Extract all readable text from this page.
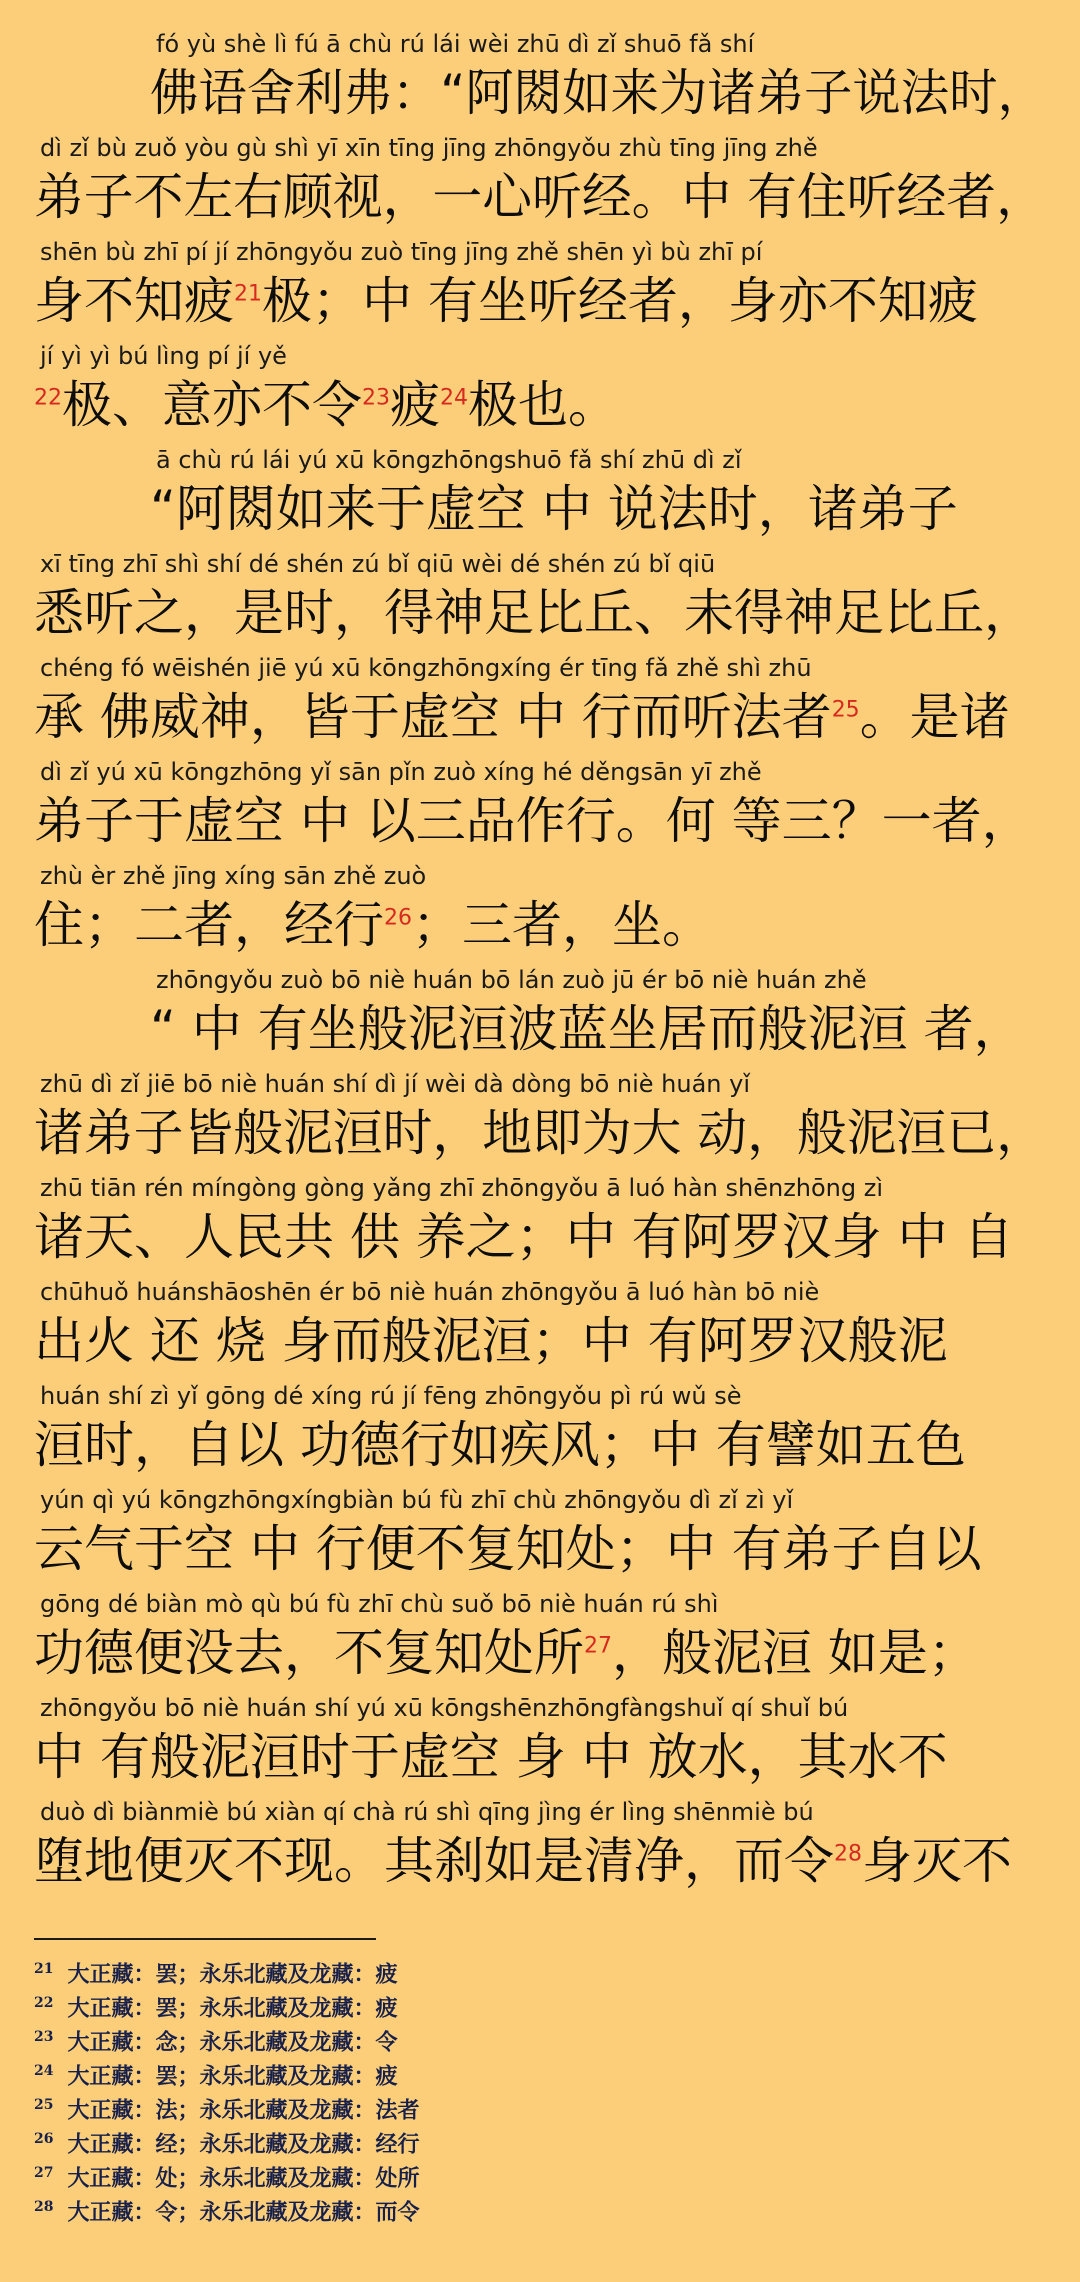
fó yù shè lì fú ā chù rú lái wèi zhū dì zǐ shuō fǎ shí
佛语舍利弗：“阿閦如来为诸弟子说法时，
dì zǐ bù zuǒ yòu gù shì yī xīn tīng jīng zhōngyǒu zhù tīng jīng zhě
弟子不左右顾视，一心听经。中 有住听经者，
shēn bù zhī pí jí zhōngyǒu zuò tīng jīng zhě shēn yì bù zhī pí
身不知疲$^{21}$极；中 有坐听经者，身亦不知疲
jí yì yì bú lìng pí jí yě
$^{22}$极、意亦不令$^{23}$疲$^{24}$极也。
ā chù rú lái yú xū kōngzhōngshuō fǎ shí zhū dì zǐ
“阿閦如来于虚空 中 说法时，诸弟子
xī tīng zhī shì shí dé shén zú bǐ qiū wèi dé shén zú bǐ qiū
悉听之，是时，得神足比丘、未得神足比丘，
chéng fó wēishén jiē yú xū kōngzhōngxíng ér tīng fǎ zhě shì zhū
承 佛威神，皆于虚空 中 行而听法者$^{25}$。是诸
dì zǐ yú xū kōngzhōng yǐ sān pǐn zuò xíng hé děngsān yī zhě
弟子于虚空 中 以三品作行。何 等三？一者，
zhù èr zhě jīng xíng sān zhě zuò
住；二者，经行$^{26}$；三者，坐。
zhōngyǒu zuò bō niè huán bō lán zuò jū ér bō niè huán zhě
“ 中 有坐般泥洹波蓝坐居而般泥洹 者，
zhū dì zǐ jiē bō niè huán shí dì jí wèi dà dòng bō niè huán yǐ
诸弟子皆般泥洹时，地即为大 动，般泥洹已，
zhū tiān rén míngòng gòng yǎng zhī zhōngyǒu ā luó hàn shēnzhōng zì
诸天、人民共 供 养之；中 有阿罗汉身 中 自
chūhuǒ huánshāoshēn ér bō niè huán zhōngyǒu ā luó hàn bō niè
出火 还 烧 身而般泥洹；中 有阿罗汉般泥
huán shí zì yǐ gōng dé xíng rú jí fēng zhōngyǒu pì rú wǔ sè
洹时，自以 功德行如疾风；中 有譬如五色
yún qì yú kōngzhōngxíngbiàn bú fù zhī chù zhōngyǒu dì zǐ zì yǐ
云气于空 中 行便不复知处；中 有弟子自以
gōng dé biàn mò qù bú fù zhī chù suǒ bō niè huán rú shì
功德便没去，不复知处所$^{27}$，般泥洹 如是；
zhōngyǒu bō niè huán shí yú xū kōngshēnzhōngfàngshuǐ qí shuǐ bú
中 有般泥洹时于虚空 身 中 放水，其水不
duò dì biànmiè bú xiàn qí chà rú shì qīng jìng ér lìng shēnmiè bú
堕地便灭不现。其刹如是清净，而令$^{28}$身灭不
$^{21}$ 大正藏：罢；永乐北藏及龙藏：疲
$^{22}$ 大正藏：罢；永乐北藏及龙藏：疲
$^{23}$ 大正藏：念；永乐北藏及龙藏：令
$^{24}$ 大正藏：罢；永乐北藏及龙藏：疲
$^{25}$ 大正藏：法；永乐北藏及龙藏：法者
$^{26}$ 大正藏：经；永乐北藏及龙藏：经行
$^{27}$ 大正藏：处；永乐北藏及龙藏：处所
$^{28}$ 大正藏：令；永乐北藏及龙藏：而令
